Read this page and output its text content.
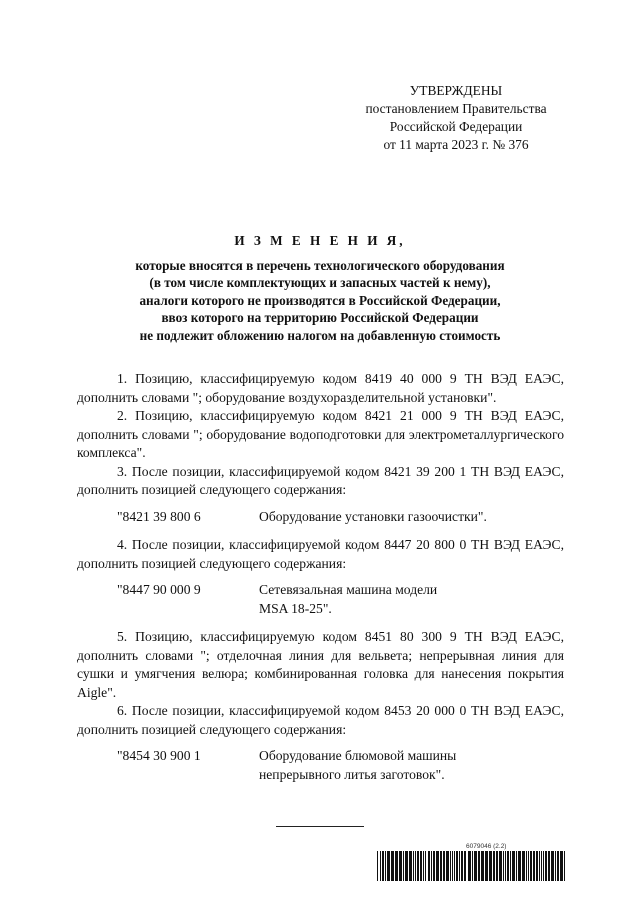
УТВЕРЖДЕНЫ
постановлением Правительства
Российской Федерации
от 11 марта 2023 г. № 376
И З М Е Н Е Н И Я,
которые вносятся в перечень технологического оборудования
(в том числе комплектующих и запасных частей к нему),
аналоги которого не производятся в Российской Федерации,
ввоз которого на территорию Российской Федерации
не подлежит обложению налогом на добавленную стоимость

1. Позицию, классифицируемую кодом 8419 40 000 9 ТН ВЭД ЕАЭС, дополнить словами "; оборудование воздухоразделительной установки".

2. Позицию, классифицируемую кодом 8421 21 000 9 ТН ВЭД ЕАЭС, дополнить словами "; оборудование водоподготовки для электрометаллургического комплекса".

3. После позиции, классифицируемой кодом 8421 39 200 1 ТН ВЭД ЕАЭС, дополнить позицией следующего содержания:

"8421 39 800 6	Оборудование установки газоочистки".

4. После позиции, классифицируемой кодом 8447 20 800 0 ТН ВЭД ЕАЭС, дополнить позицией следующего содержания:

"8447 90 000 9	Сетевязальная машина модели
MSA 18-25".

5. Позицию, классифицируемую кодом 8451 80 300 9 ТН ВЭД ЕАЭС, дополнить словами "; отделочная линия для вельвета; непрерывная линия для сушки и умягчения велюра; комбинированная головка для нанесения покрытия Aigle".

6. После позиции, классифицируемой кодом 8453 20 000 0 ТН ВЭД ЕАЭС, дополнить позицией следующего содержания:

"8454 30 900 1	Оборудование блюмовой машины
непрерывного литья заготовок".
6079046 (2.2)
